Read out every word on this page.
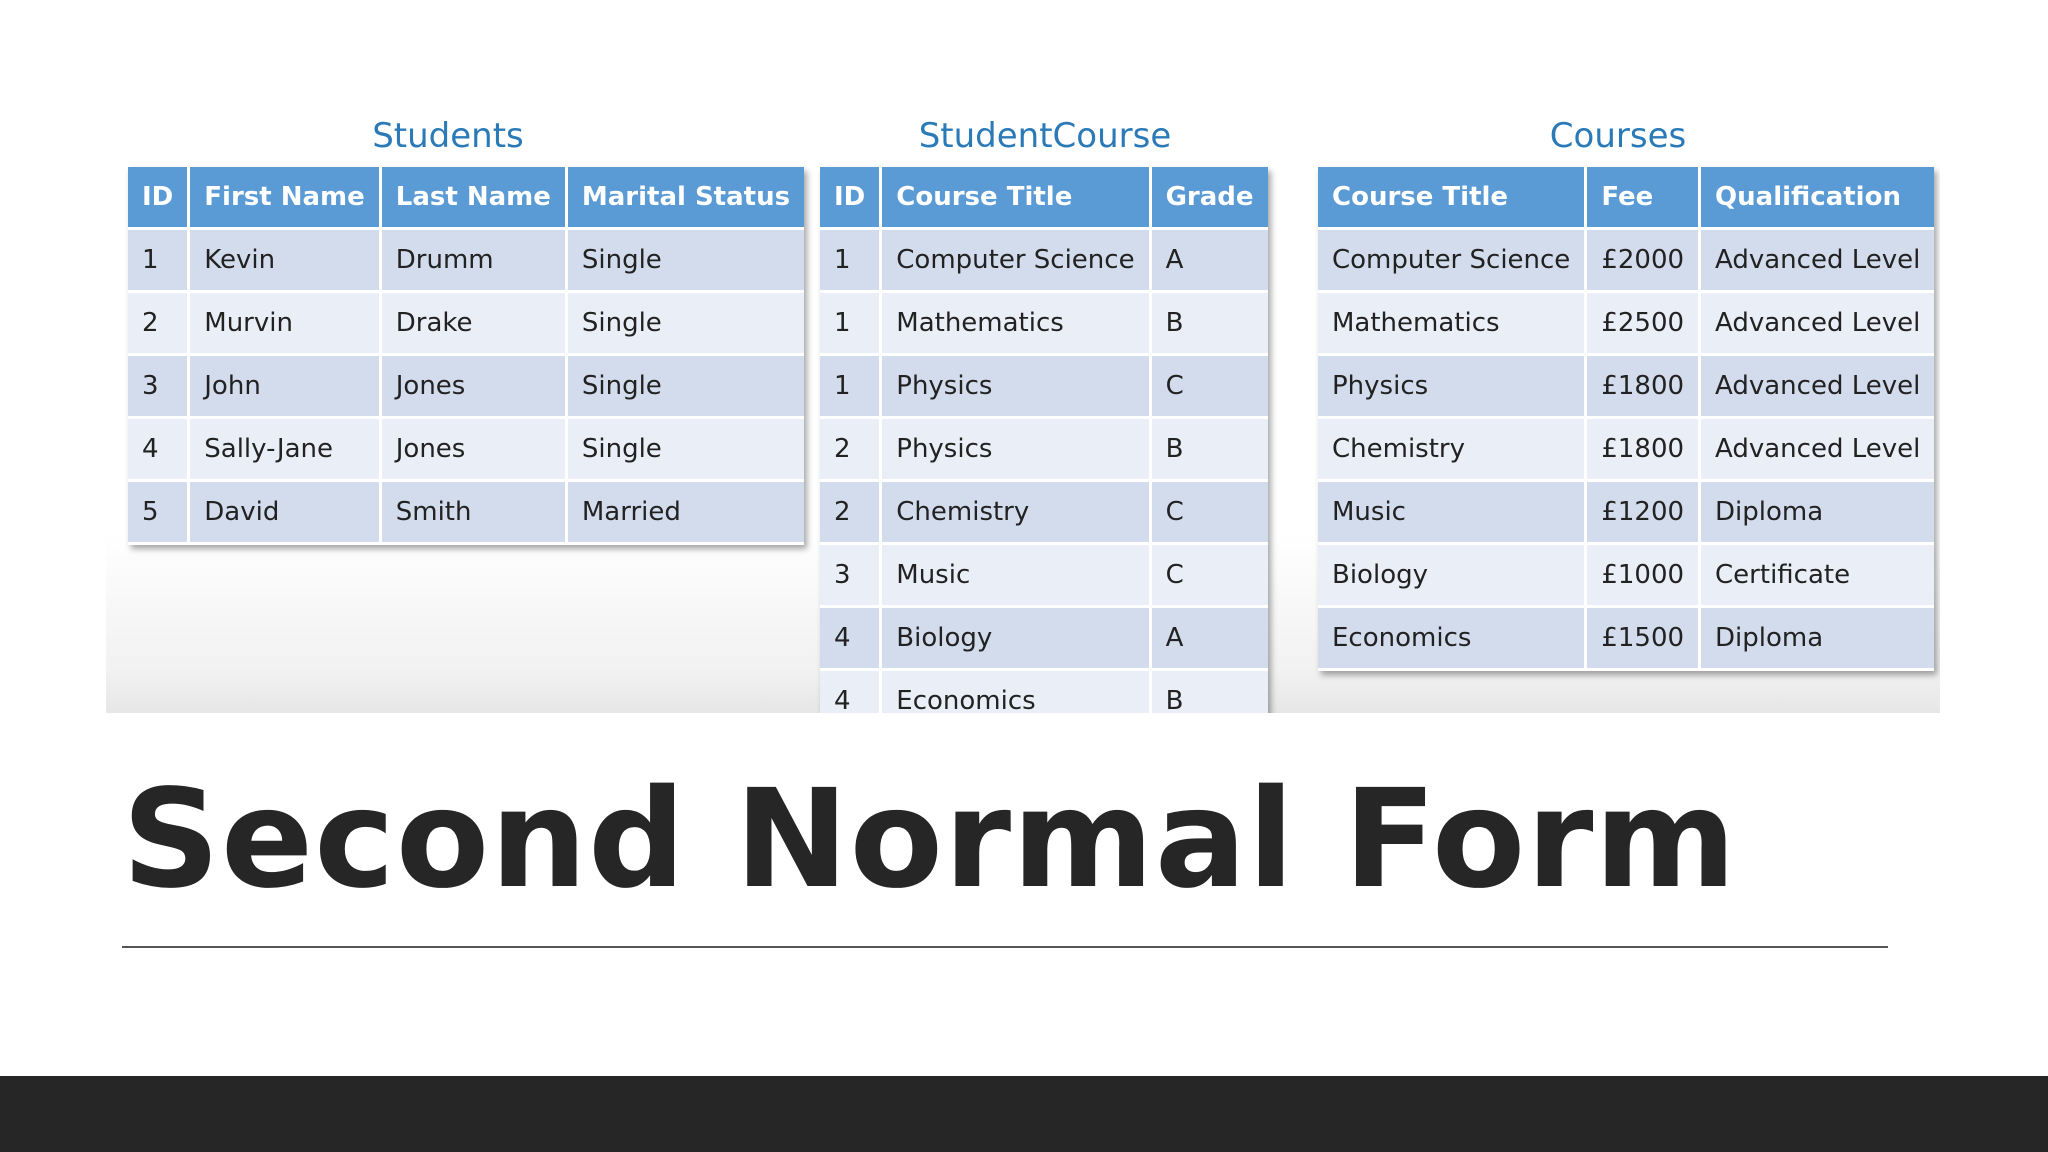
Students
ID	First Name	Last Name	Marital Status
1	Kevin	Drumm	Single
2	Murvin	Drake	Single
3	John	Jones	Single
4	Sally-Jane	Jones	Single
5	David	Smith	Married
StudentCourse
ID	Course Title	Grade
1	Computer Science	A
1	Mathematics	B
1	Physics	C
2	Physics	B
2	Chemistry	C
3	Music	C
4	Biology	A
4	Economics	B
Courses
Course Title	Fee	Qualification
Computer Science	£2000	Advanced Level
Mathematics	£2500	Advanced Level
Physics	£1800	Advanced Level
Chemistry	£1800	Advanced Level
Music	£1200	Diploma
Biology	£1000	Certificate
Economics	£1500	Diploma
Second Normal Form
